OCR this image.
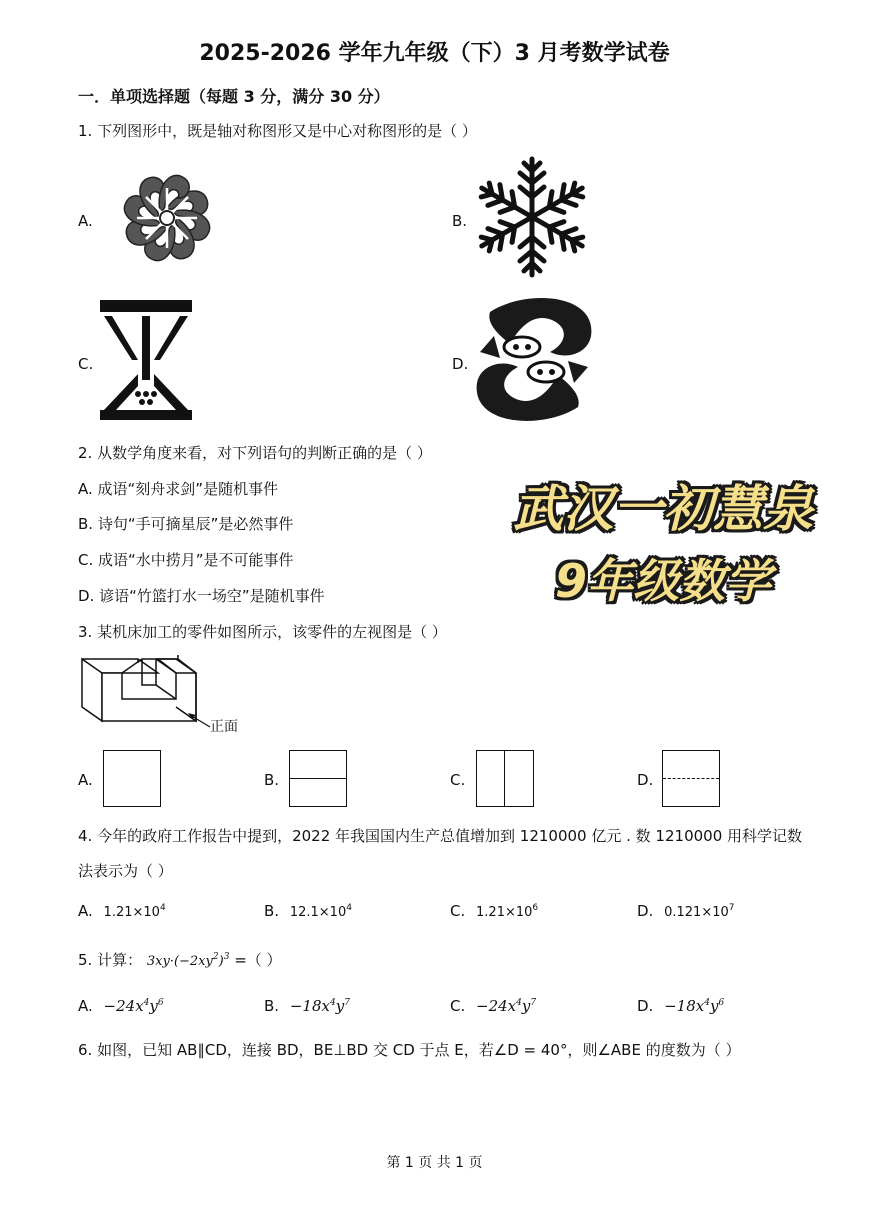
2025-2026 学年九年级（下）3 月考数学试卷
一．单项选择题（每题 3 分，满分 30 分）
1. 下列图形中，既是轴对称图形又是中心对称图形的是（ ）
A.	B.
C.	D.
2. 从数学角度来看，对下列语句的判断正确的是（ ）
A. 成语“刻舟求剑”是随机事件
B. 诗句“手可摘星辰”是必然事件
C. 成语“水中捞月”是不可能事件
D. 谚语“竹篮打水一场空”是随机事件
3. 某机床加工的零件如图所示，该零件的左视图是（ ）
正面
A.	B.	C.	D.
4. 今年的政府工作报告中提到，2022 年我国国内生产总值增加到 1210000 亿元 . 数 1210000 用科学记数
法表示为（ ）
A. $1.21\times 10^4$	B. $12.1\times 10^4$	C. $1.21\times 10^6$	D. $0.121\times 10^7$
5. 计算： $3xy\cdot(-2xy^2)^3$ =（ ）
A. $-24x^4y^6$	B. $-18x^4y^7$	C. $-24x^4y^7$	D. $-18x^4y^6$
6. 如图，已知 AB∥CD，连接 BD，BE⊥BD 交 CD 于点 E，若∠D = 40°，则∠ABE 的度数为（ ）
武汉一初慧泉
9年级数学
第 1 页 共 1 页
